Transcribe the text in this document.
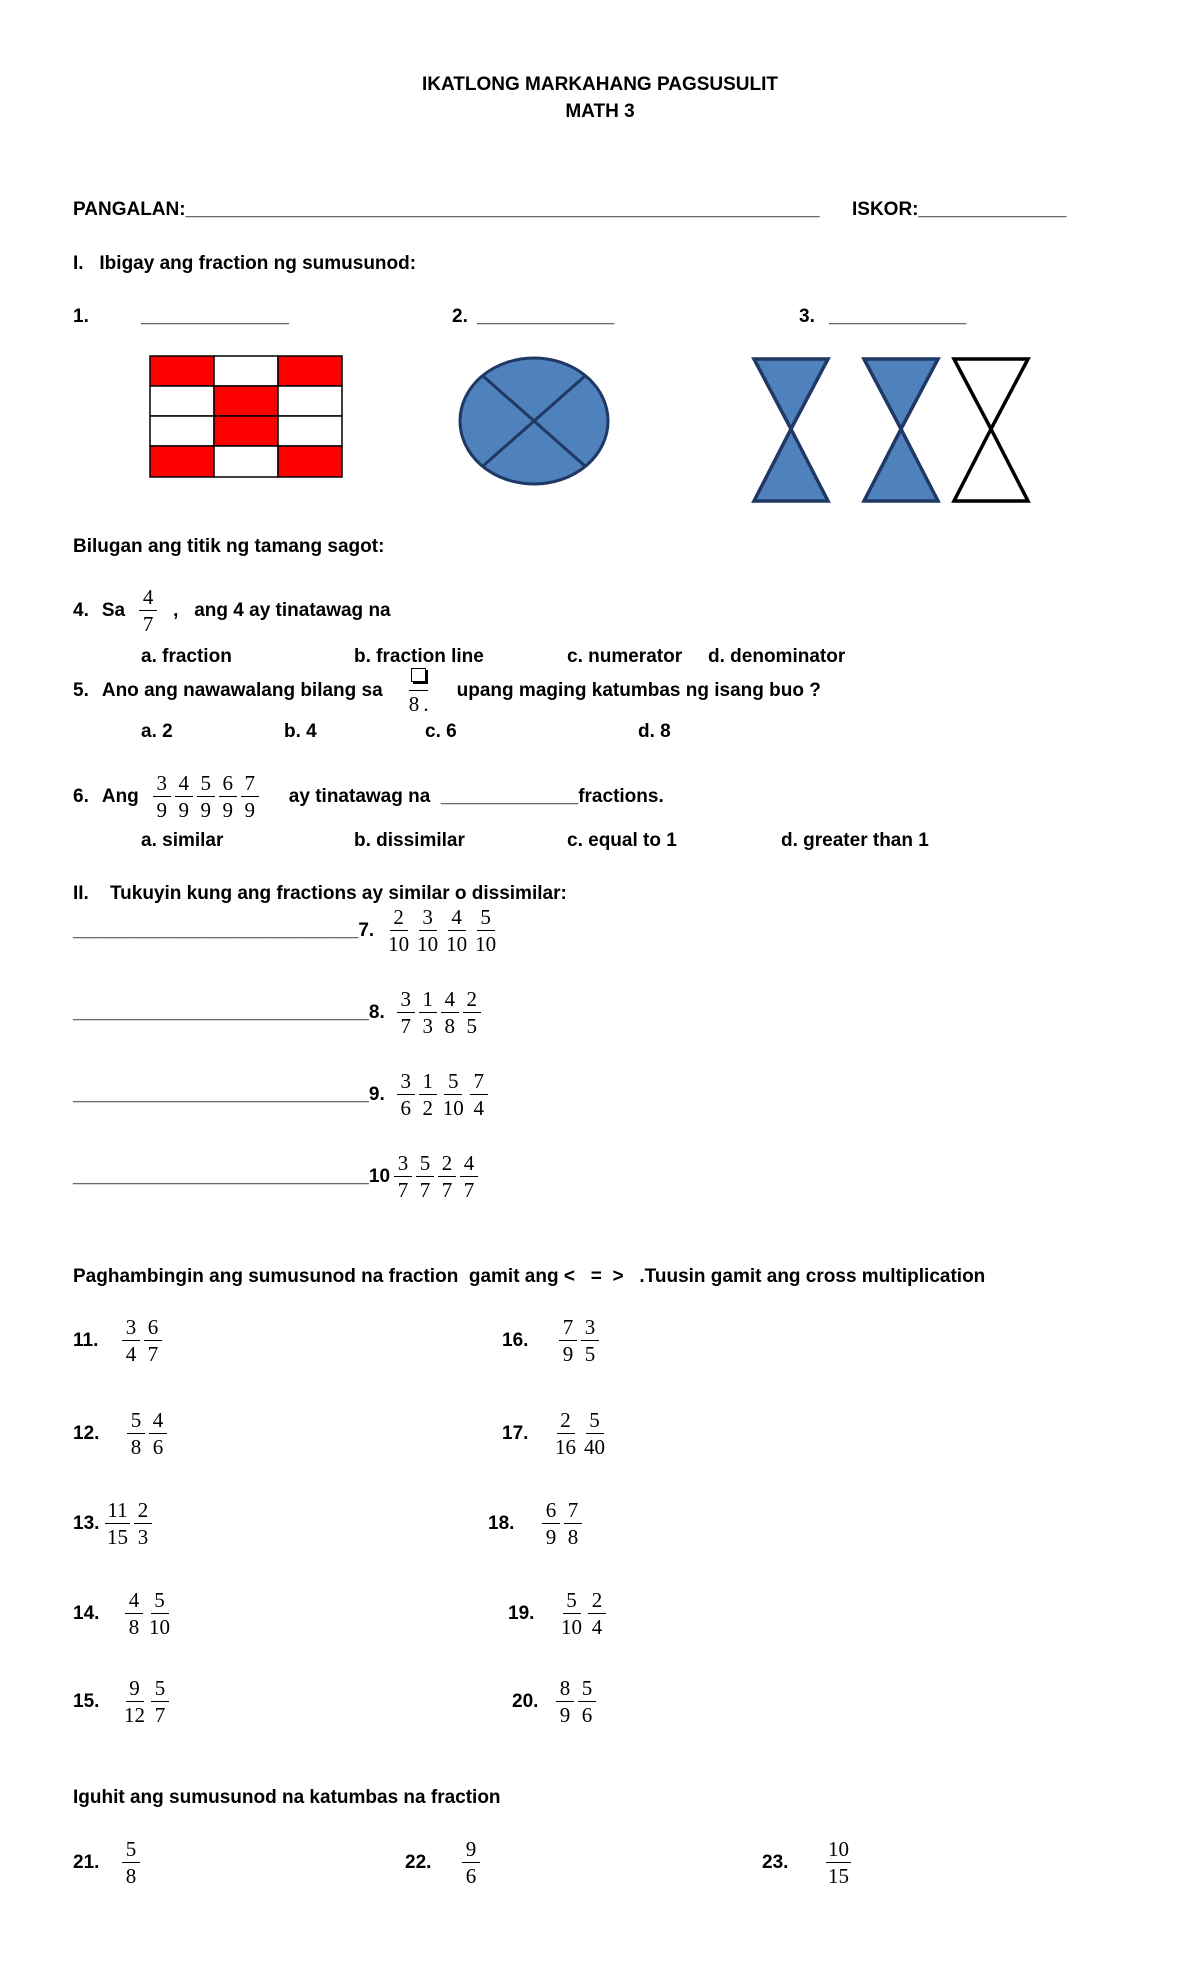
IKATLONG MARKAHANG PAGSUSULIT
MATH 3
PANGALAN:____________________________________________________________ ISKOR:______________
I. Ibigay ang fraction ng sumusunod:
1.	______________	2. _____________	3. _____________
Bilugan ang titik ng tamang sagot:
4. Sa $\frac{4}{7}$ ,   ang 4 ay tinatawag na
a. fraction	b. fraction line	c. numerator d. denominator
5. Ano ang nawawalang bilang sa
8 .
upang maging katumbas ng isang buo ?
a. 2	b. 4	c. 6	d. 8
6. Ang $\frac{3}{9} \frac{4}{9} \frac{5}{9} \frac{6}{9} \frac{7}{9}$ ay tinatawag na  _____________fractions.
a. similar	b. dissimilar	c. equal to 1	d. greater than 1
II. Tukuyin kung ang fractions ay similar o dissimilar:
___________________________ 7. $\frac{2}{10} \frac{3}{10} \frac{4}{10} \frac{5}{10}$
____________________________ 8. $\frac{3}{7} \frac{1}{3} \frac{4}{8} \frac{2}{5}$
____________________________ 9. $\frac{3}{6} \frac{1}{2} \frac{5}{10} \frac{7}{4}$
____________________________ $10 \frac{3}{7} \frac{5}{7} \frac{2}{7} \frac{4}{7}$
Paghambingin ang sumusunod na fraction  gamit ang <   =  >   .Tuusin gamit ang cross multiplication
11.	$\frac{3}{4} \frac{6}{7}$
12.	$\frac{5}{8} \frac{4}{6}$
13. $\frac{11}{15} \frac{2}{3}$
14.	$\frac{4}{8} \frac{5}{10}$
15.	$\frac{9}{12} \frac{5}{7}$
16.	$\frac{7}{9} \frac{3}{5}$
17.	$\frac{2}{16} \frac{5}{40}$
18.	$\frac{6}{9} \frac{7}{8}$
19.	$\frac{5}{10} \frac{2}{4}$
20. $\frac{8}{9} \frac{5}{6}$
Iguhit ang sumusunod na katumbas na fraction
21.	$\frac{5}{8}$	22.	$\frac{9}{6}$	23.	$\frac{10}{15}$
